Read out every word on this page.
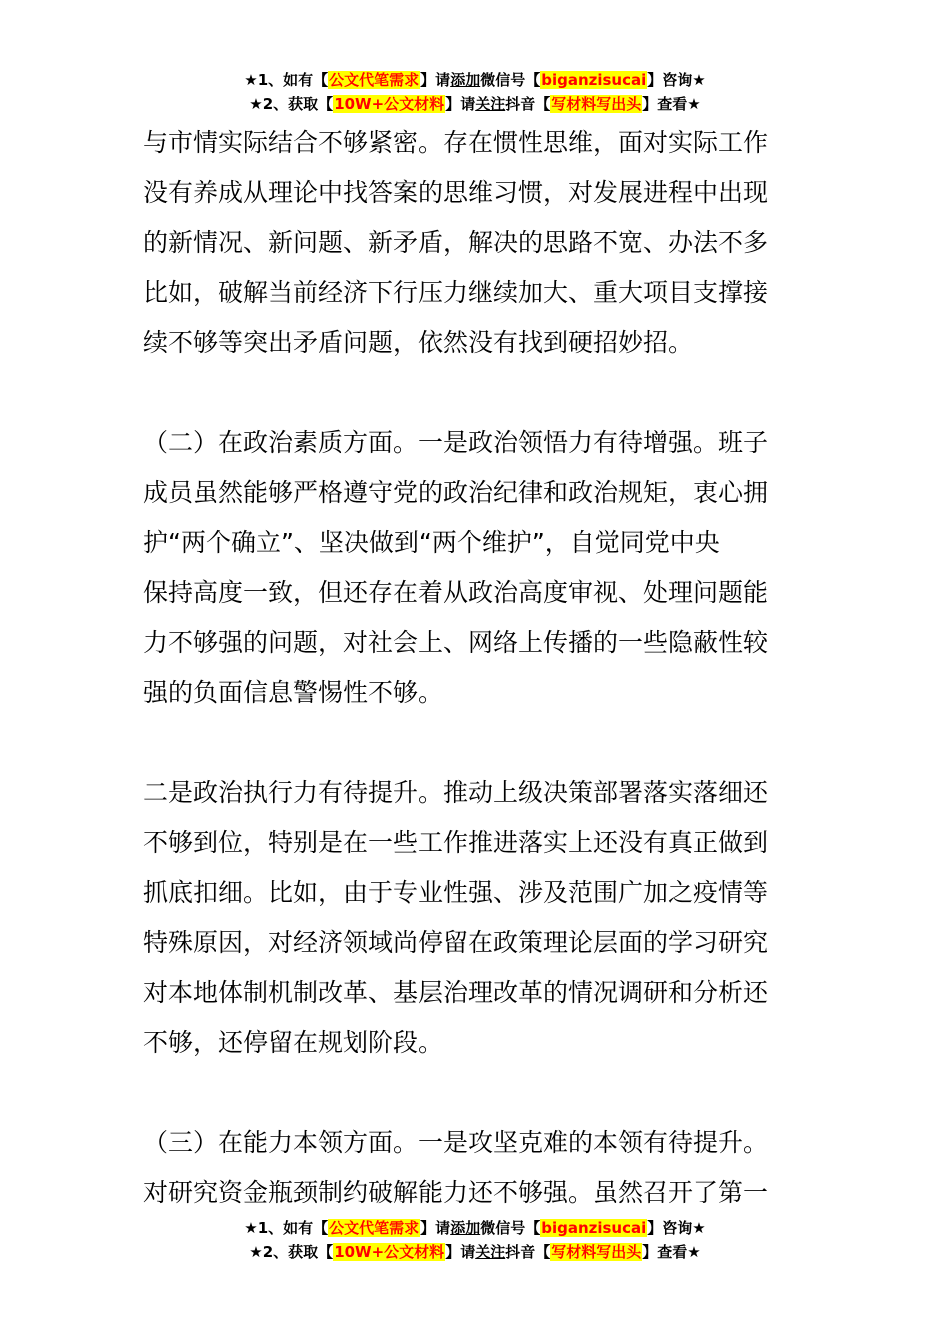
★1、如有【公文代笔需求】请添加微信号【biganzisucai】咨询★
★2、获取【10W+公文材料】请关注抖音【写材料写出头】查看★
与市情实际结合不够紧密。存在惯性思维，面对实际工作
没有养成从理论中找答案的思维习惯，对发展进程中出现
的新情况、新问题、新矛盾，解决的思路不宽、办法不多
比如，破解当前经济下行压力继续加大、重大项目支撑接
续不够等突出矛盾问题，依然没有找到硬招妙招。
（二）在政治素质方面。一是政治领悟力有待增强。班子
成员虽然能够严格遵守党的政治纪律和政治规矩，衷心拥
护“两个确立”、坚决做到“两个维护”，自觉同党中央
保持高度一致，但还存在着从政治高度审视、处理问题能
力不够强的问题，对社会上、网络上传播的一些隐蔽性较
强的负面信息警惕性不够。
二是政治执行力有待提升。推动上级决策部署落实落细还
不够到位，特别是在一些工作推进落实上还没有真正做到
抓底扣细。比如，由于专业性强、涉及范围广加之疫情等
特殊原因，对经济领域尚停留在政策理论层面的学习研究
对本地体制机制改革、基层治理改革的情况调研和分析还
不够，还停留在规划阶段。
（三）在能力本领方面。一是攻坚克难的本领有待提升。
对研究资金瓶颈制约破解能力还不够强。虽然召开了第一
★1、如有【公文代笔需求】请添加微信号【biganzisucai】咨询★
★2、获取【10W+公文材料】请关注抖音【写材料写出头】查看★
